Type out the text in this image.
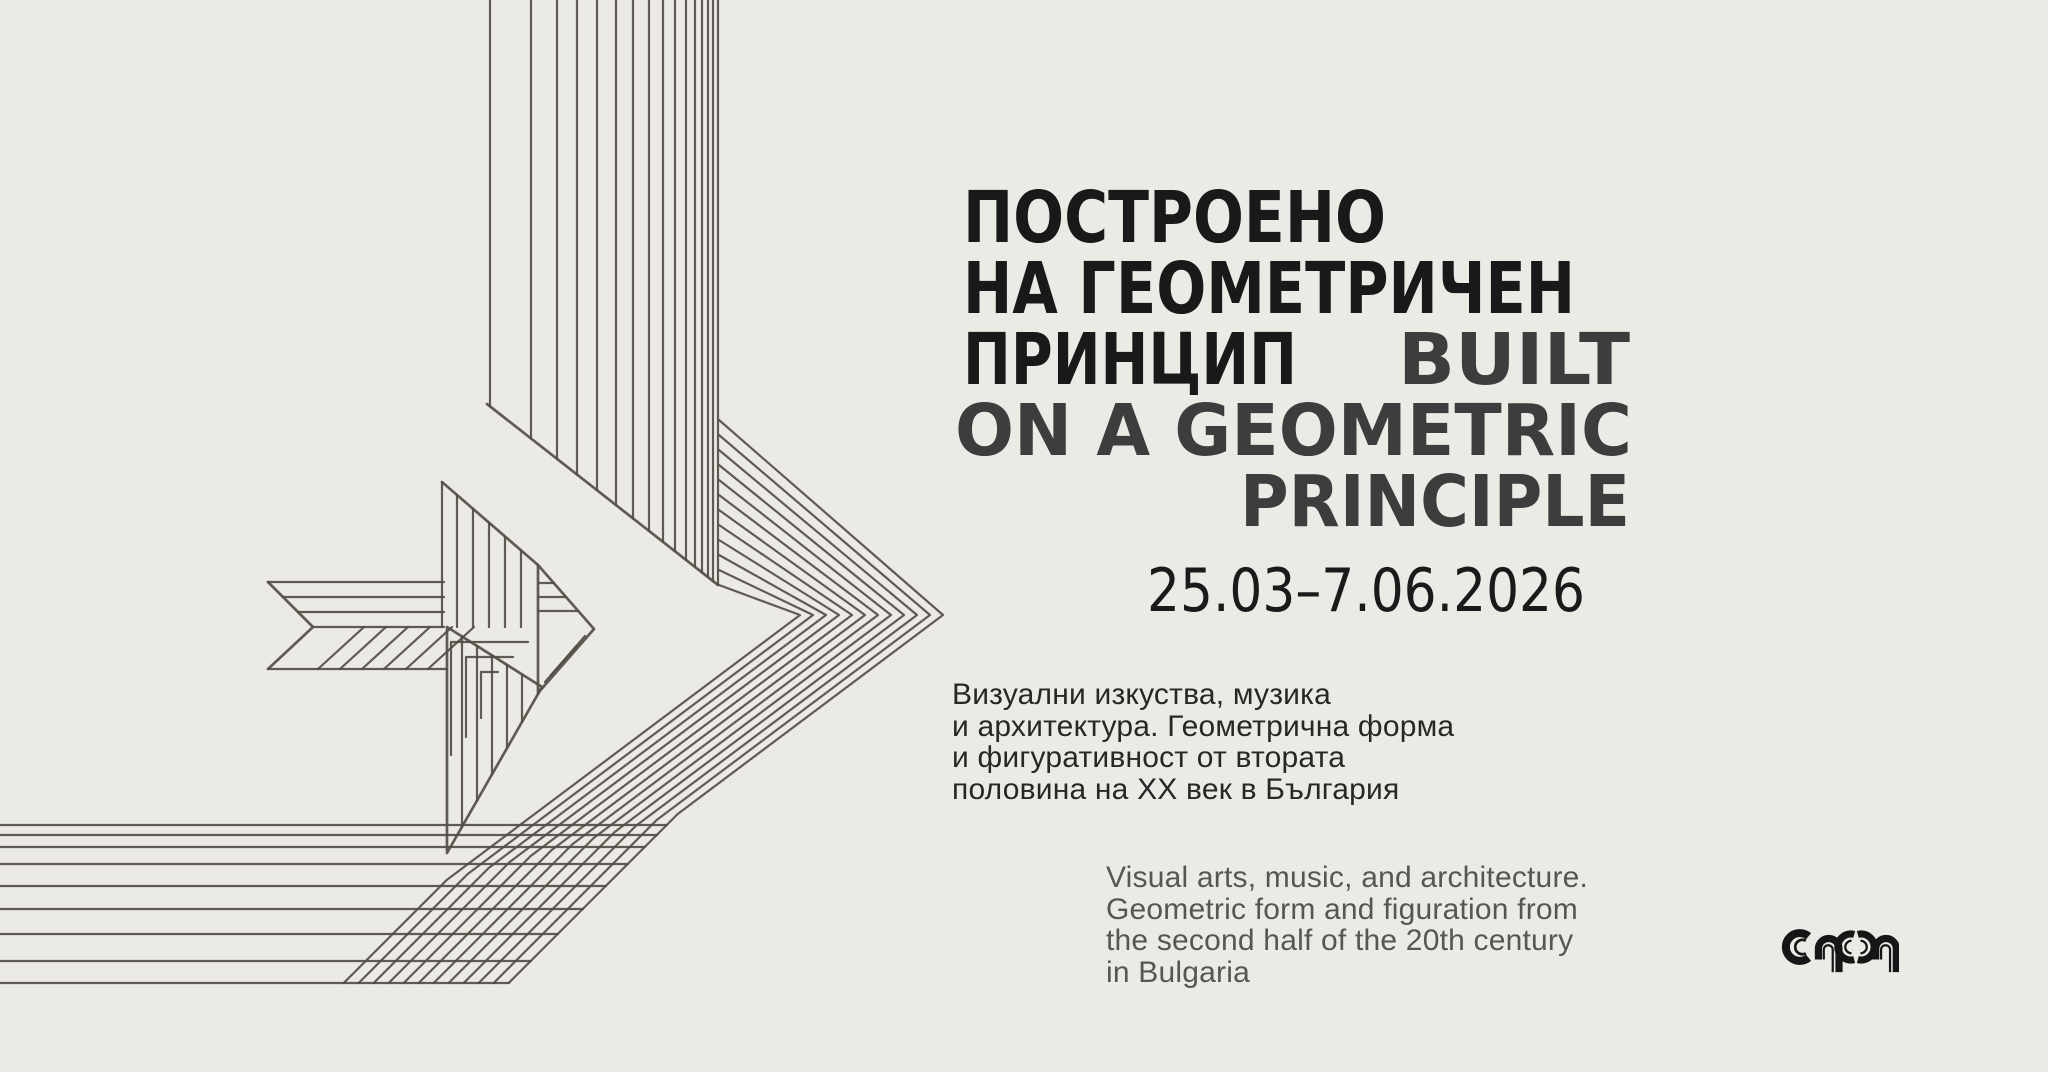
ПОСТРОЕНО
НА ГЕОМЕТРИЧЕН
ПРИНЦИП BUILT
ON A GEOMETRIC
PRINCIPLE
25.03–7.06.2026
Визуални изкуства, музика
и архитектура. Геометрична форма
и фигуративност от втората
половина на ХХ век в България
Visual arts, music, and architecture.
Geometric form and figuration from
the second half of the 20th century
in Bulgaria
